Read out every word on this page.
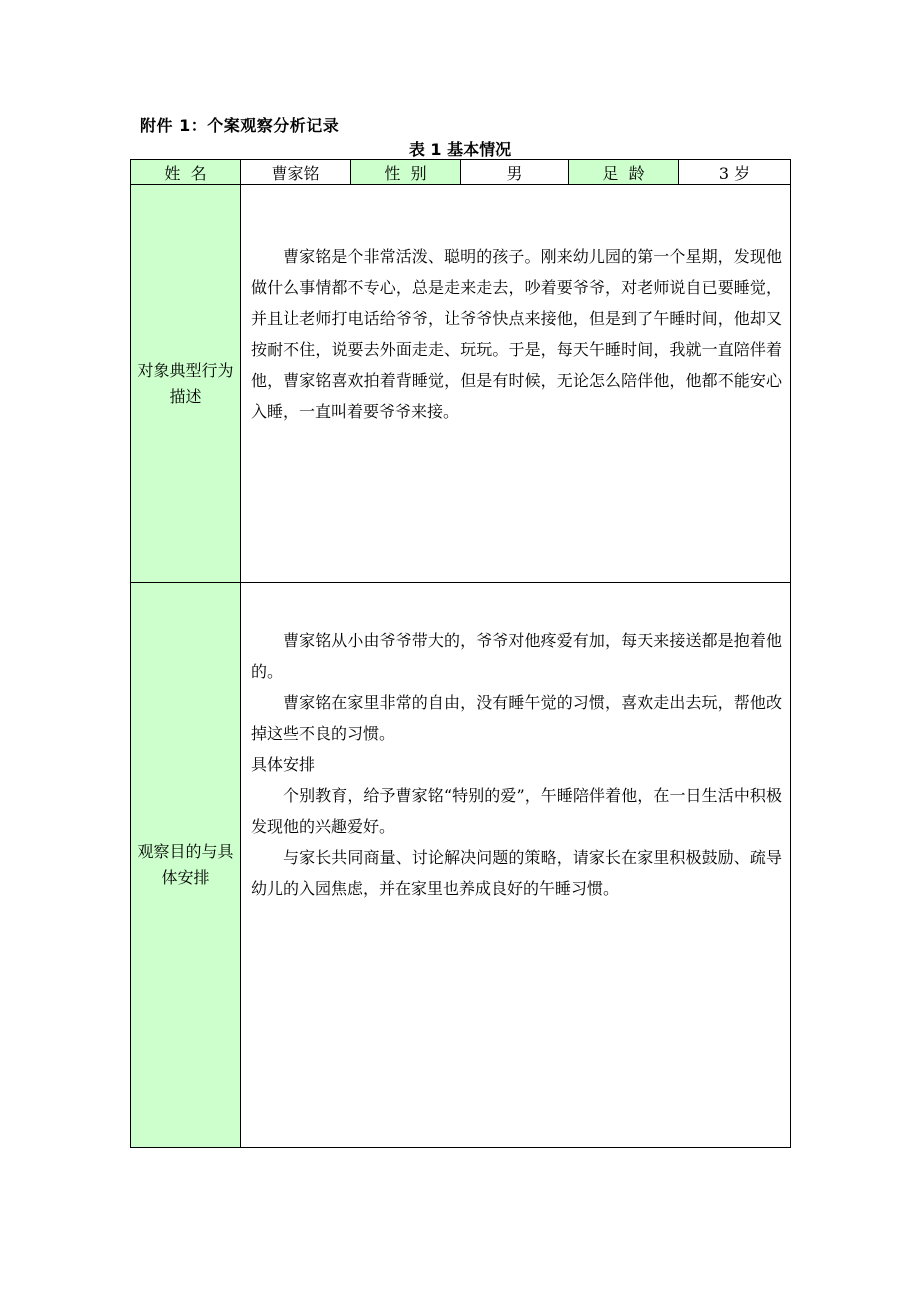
附件 1：个案观察分析记录
表 1 基本情况
姓  名	曹家铭	性  别	男	足  龄	3 岁
对象典型行为描述	曹家铭是个非常活泼、聪明的孩子。刚来幼儿园的第一个星期，发现他做什么事情都不专心，总是走来走去，吵着要爷爷，对老师说自已要睡觉，并且让老师打电话给爷爷，让爷爷快点来接他，但是到了午睡时间，他却又按耐不住，说要去外面走走、玩玩。于是，每天午睡时间，我就一直陪伴着他，曹家铭喜欢拍着背睡觉，但是有时候，无论怎么陪伴他，他都不能安心入睡，一直叫着要爷爷来接。				

观察目的与具体安排	曹家铭从小由爷爷带大的，爷爷对他疼爱有加，每天来接送都是抱着他的。

曹家铭在家里非常的自由，没有睡午觉的习惯，喜欢走出去玩，帮他改掉这些不良的习惯。

具体安排

个别教育，给予曹家铭“特别的爱”，午睡陪伴着他，在一日生活中积极发现他的兴趣爱好。

与家长共同商量、讨论解决问题的策略，请家长在家里积极鼓励、疏导幼儿的入园焦虑，并在家里也养成良好的午睡习惯。				
